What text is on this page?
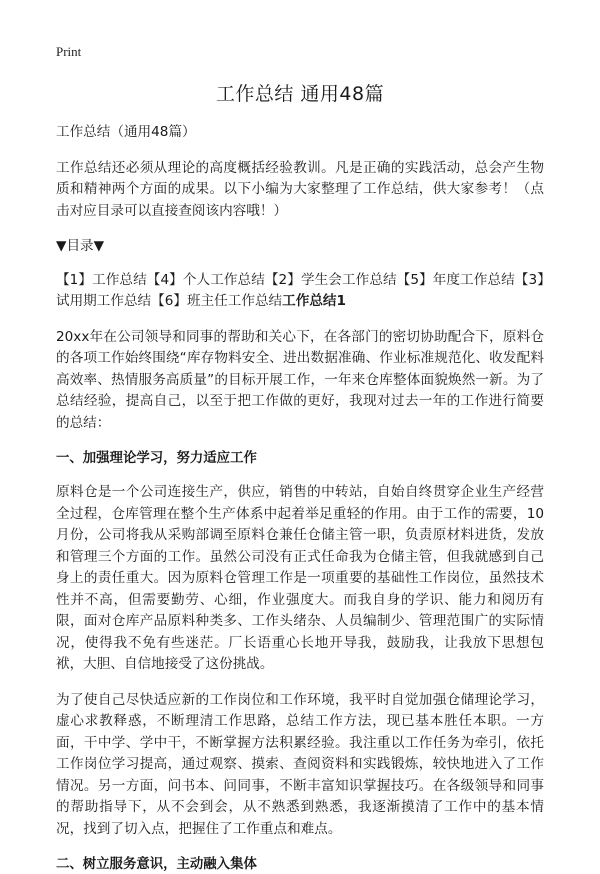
Print
工作总结 通用48篇

工作总结（通用48篇）

工作总结还必须从理论的高度概括经验教训。凡是正确的实践活动，总会产生物质和精神两个方面的成果。以下小编为大家整理了工作总结，供大家参考！（点击对应目录可以直接查阅该内容哦！）

▼目录▼

【1】工作总结【4】个人工作总结【2】学生会工作总结【5】年度工作总结【3】试用期工作总结【6】班主任工作总结工作总结1

20xx年在公司领导和同事的帮助和关心下，在各部门的密切协助配合下，原料仓的各项工作始终围绕“库存物料安全、进出数据准确、作业标准规范化、收发配料高效率、热情服务高质量”的目标开展工作，一年来仓库整体面貌焕然一新。为了总结经验，提高自己，以至于把工作做的更好，我现对过去一年的工作进行简要的总结：

一、加强理论学习，努力适应工作

原料仓是一个公司连接生产，供应，销售的中转站，自始自终贯穿企业生产经营全过程，仓库管理在整个生产体系中起着举足重轻的作用。由于工作的需要，10月份，公司将我从采购部调至原料仓兼任仓储主管一职，负责原材料进货，发放和管理三个方面的工作。虽然公司没有正式任命我为仓储主管，但我就感到自己身上的责任重大。因为原料仓管理工作是一项重要的基础性工作岗位，虽然技术性并不高，但需要勤劳、心细，作业强度大。而我自身的学识、能力和阅历有限，面对仓库产品原料种类多、工作头绪杂、人员编制少、管理范围广的实际情况，使得我不免有些迷茫。厂长语重心长地开导我，鼓励我，让我放下思想包袱，大胆、自信地接受了这份挑战。

为了使自己尽快适应新的工作岗位和工作环境，我平时自觉加强仓储理论学习，虚心求教释惑，不断理清工作思路，总结工作方法，现已基本胜任本职。一方面，干中学、学中干，不断掌握方法积累经验。我注重以工作任务为牵引，依托工作岗位学习提高，通过观察、摸索、查阅资料和实践锻炼，较快地进入了工作情况。另一方面，问书本、问同事，不断丰富知识掌握技巧。在各级领导和同事的帮助指导下，从不会到会，从不熟悉到熟悉，我逐渐摸清了工作中的基本情况，找到了切入点，把握住了工作重点和难点。

二、树立服务意识，主动融入集体
